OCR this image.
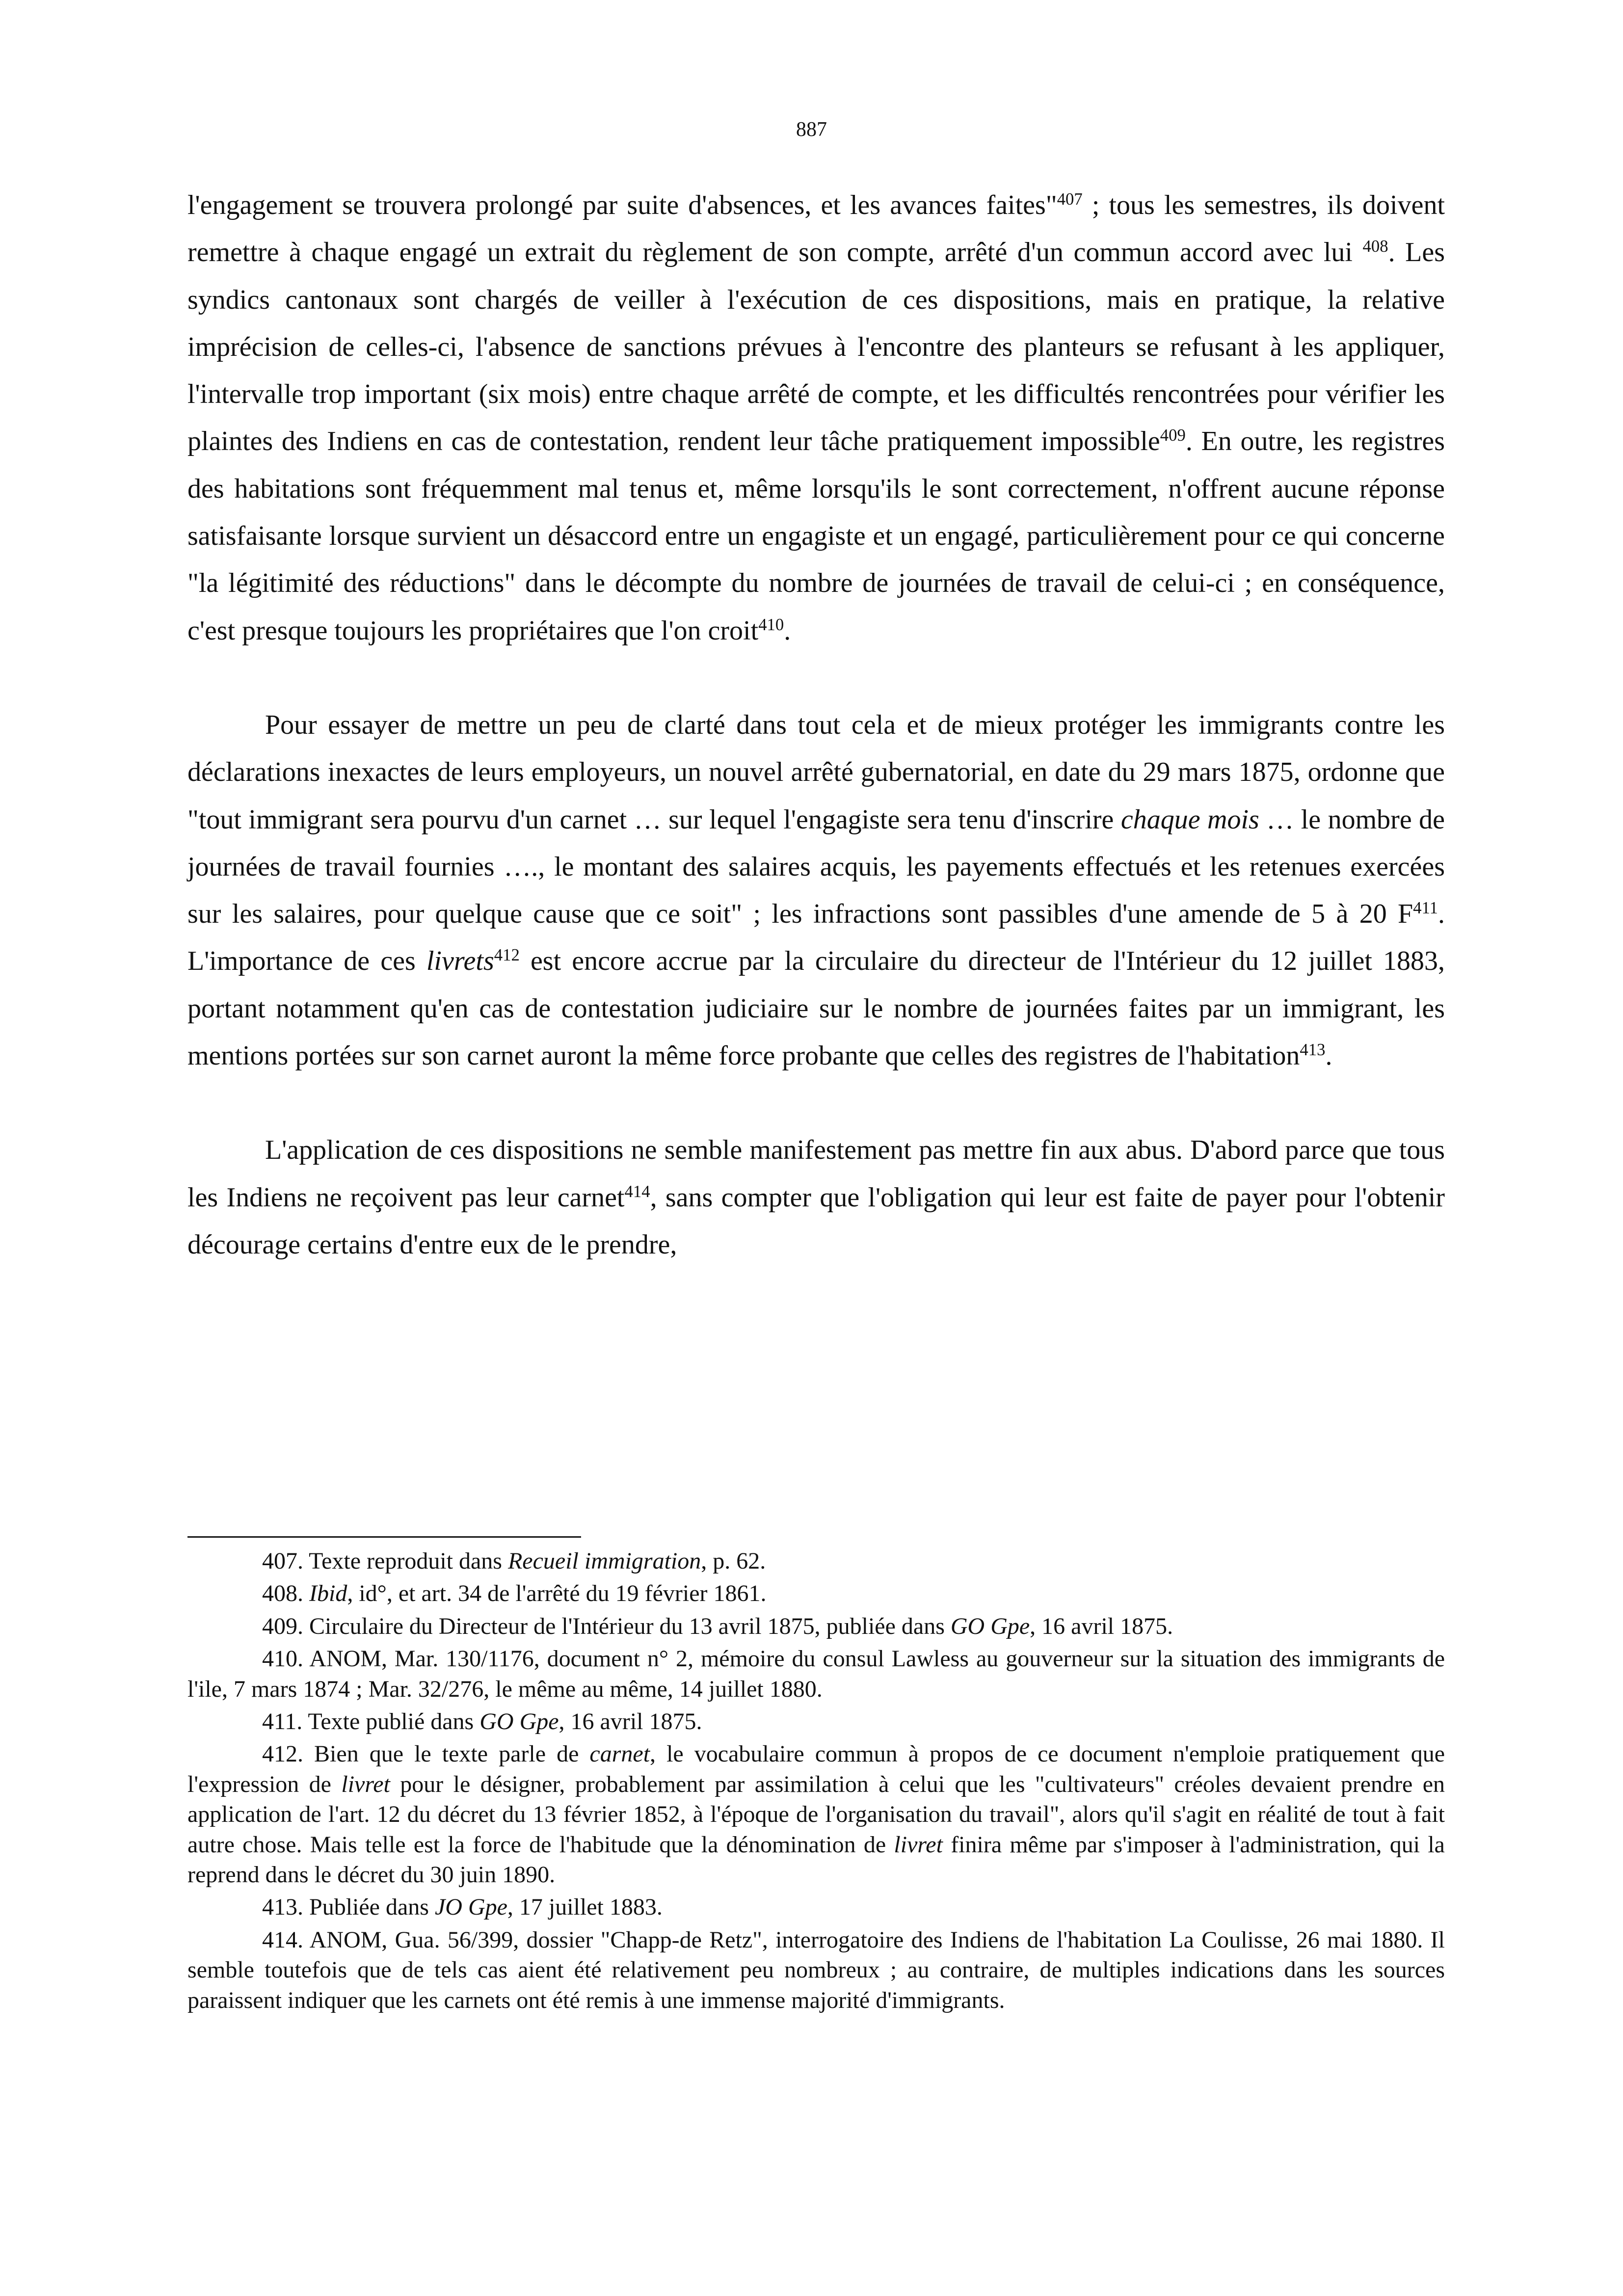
887

l'engagement se trouvera prolongé par suite d'absences, et les avances faites"$^{407}$ ; tous les semestres, ils doivent remettre à chaque engagé un extrait du règlement de son compte, arrêté d'un commun accord avec lui $^{408}$. Les syndics cantonaux sont chargés de veiller à l'exécution de ces dispositions, mais en pratique, la relative imprécision de celles-ci, l'absence de sanctions prévues à l'encontre des planteurs se refusant à les appliquer, l'intervalle trop important (six mois) entre chaque arrêté de compte, et les difficultés rencontrées pour vérifier les plaintes des Indiens en cas de contestation, rendent leur tâche pratiquement impossible$^{409}$. En outre, les registres des habitations sont fréquemment mal tenus et, même lorsqu'ils le sont correctement, n'offrent aucune réponse satisfaisante lorsque survient un désaccord entre un engagiste et un engagé, particulièrement pour ce qui concerne "la légitimité des réductions" dans le décompte du nombre de journées de travail de celui-ci ; en conséquence, c'est presque toujours les propriétaires que l'on croit$^{410}$.

Pour essayer de mettre un peu de clarté dans tout cela et de mieux protéger les immigrants contre les déclarations inexactes de leurs employeurs, un nouvel arrêté gubernatorial, en date du 29 mars 1875, ordonne que "tout immigrant sera pourvu d'un carnet … sur lequel l'engagiste sera tenu d'inscrire chaque mois … le nombre de journées de travail fournies …., le montant des salaires acquis, les payements effectués et les retenues exercées sur les salaires, pour quelque cause que ce soit" ; les infractions sont passibles d'une amende de 5 à 20 $F^{411}$. L'importance de ces livrets$^{412}$ est encore accrue par la circulaire du directeur de l'Intérieur du 12 juillet 1883, portant notamment qu'en cas de contestation judiciaire sur le nombre de journées faites par un immigrant, les mentions portées sur son carnet auront la même force probante que celles des registres de l'habitation$^{413}$.

L'application de ces dispositions ne semble manifestement pas mettre fin aux abus. D'abord parce que tous les Indiens ne reçoivent pas leur carnet$^{414}$, sans compter que l'obligation qui leur est faite de payer pour l'obtenir décourage certains d'entre eux de le prendre,

407. Texte reproduit dans Recueil immigration, p. 62.

408. Ibid, id°, et art. 34 de l'arrêté du 19 février 1861.

409. Circulaire du Directeur de l'Intérieur du 13 avril 1875, publiée dans GO Gpe, 16 avril 1875.

410. ANOM, Mar. 130/1176, document n° 2, mémoire du consul Lawless au gouverneur sur la situation des immigrants de l'ile, 7 mars 1874 ; Mar. 32/276, le même au même, 14 juillet 1880.

411. Texte publié dans GO Gpe, 16 avril 1875.

412. Bien que le texte parle de carnet, le vocabulaire commun à propos de ce document n'emploie pratiquement que l'expression de livret pour le désigner, probablement par assimilation à celui que les "cultivateurs" créoles devaient prendre en application de l'art. 12 du décret du 13 février 1852, à l'époque de l'organisation du travail", alors qu'il s'agit en réalité de tout à fait autre chose. Mais telle est la force de l'habitude que la dénomination de livret finira même par s'imposer à l'administration, qui la reprend dans le décret du 30 juin 1890.

413. Publiée dans JO Gpe, 17 juillet 1883.

414. ANOM, Gua. 56/399, dossier "Chapp-de Retz", interrogatoire des Indiens de l'habitation La Coulisse, 26 mai 1880. Il semble toutefois que de tels cas aient été relativement peu nombreux ; au contraire, de multiples indications dans les sources paraissent indiquer que les carnets ont été remis à une immense majorité d'immigrants.
